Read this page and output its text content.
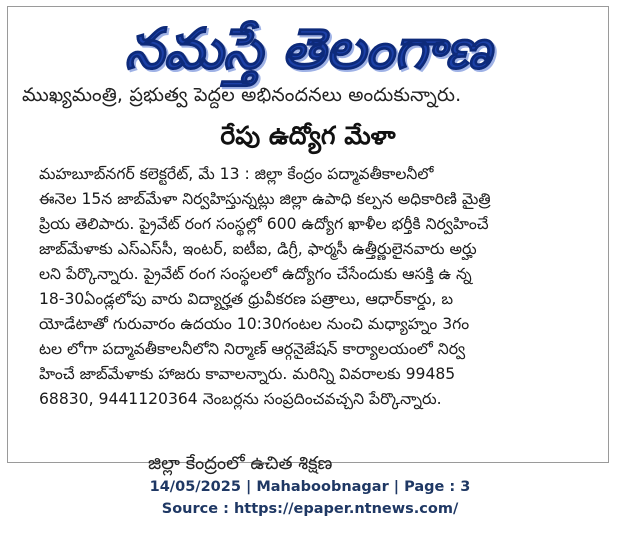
నమస్తే తెలంగాణ
ముఖ్యమంత్రి, ప్రభుత్వ పెద్దల అభినందనలు అందుకున్నారు.
రేపు ఉద్యోగ మేళా
మహబూబ్‌నగర్ కలెక్టరేట్, మే 13 : జిల్లా కేంద్రం పద్మావతీకాలనీలో
ఈనెల 15న జాబ్‌మేళా నిర్వహిస్తున్నట్లు జిల్లా ఉపాధి కల్పన అధికారిణి మైత్రి
ప్రియ తెలిపారు. ప్రైవేట్ రంగ సంస్థల్లో 600 ఉద్యోగ ఖాళీల భర్తీకి నిర్వహించే
జాబ్‌మేళాకు ఎస్‌ఎస్‌సీ, ఇంటర్, ఐటీఐ, డిగ్రీ, ఫార్మసీ ఉత్తీర్ణులైనవారు అర్హు
లని పేర్కొన్నారు. ప్రైవేట్ రంగ సంస్థలలో ఉద్యోగం చేసేందుకు ఆసక్తి ఉ న్న
18-30ఏండ్లలోపు వారు విద్యార్హత ధ్రువీకరణ పత్రాలు, ఆధార్‌కార్డు, బ
యోడేటాతో గురువారం ఉదయం 10:30గంటల నుంచి మధ్యాహ్నం 3గం
టల లోగా పద్మావతీకాలనీలోని నిర్మాణ్ ఆర్గనైజేషన్ కార్యాలయంలో నిర్వ
హించే జాబ్‌మేళాకు హాజరు కావాలన్నారు. మరిన్ని వివరాలకు 99485
68830, 9441120364 నెంబర్లను సంప్రదించవచ్చని పేర్కొన్నారు.
జిల్లా కేంద్రంలో ఉచిత శిక్షణ
14/05/2025 | Mahaboobnagar | Page : 3
Source : https://epaper.ntnews.com/
